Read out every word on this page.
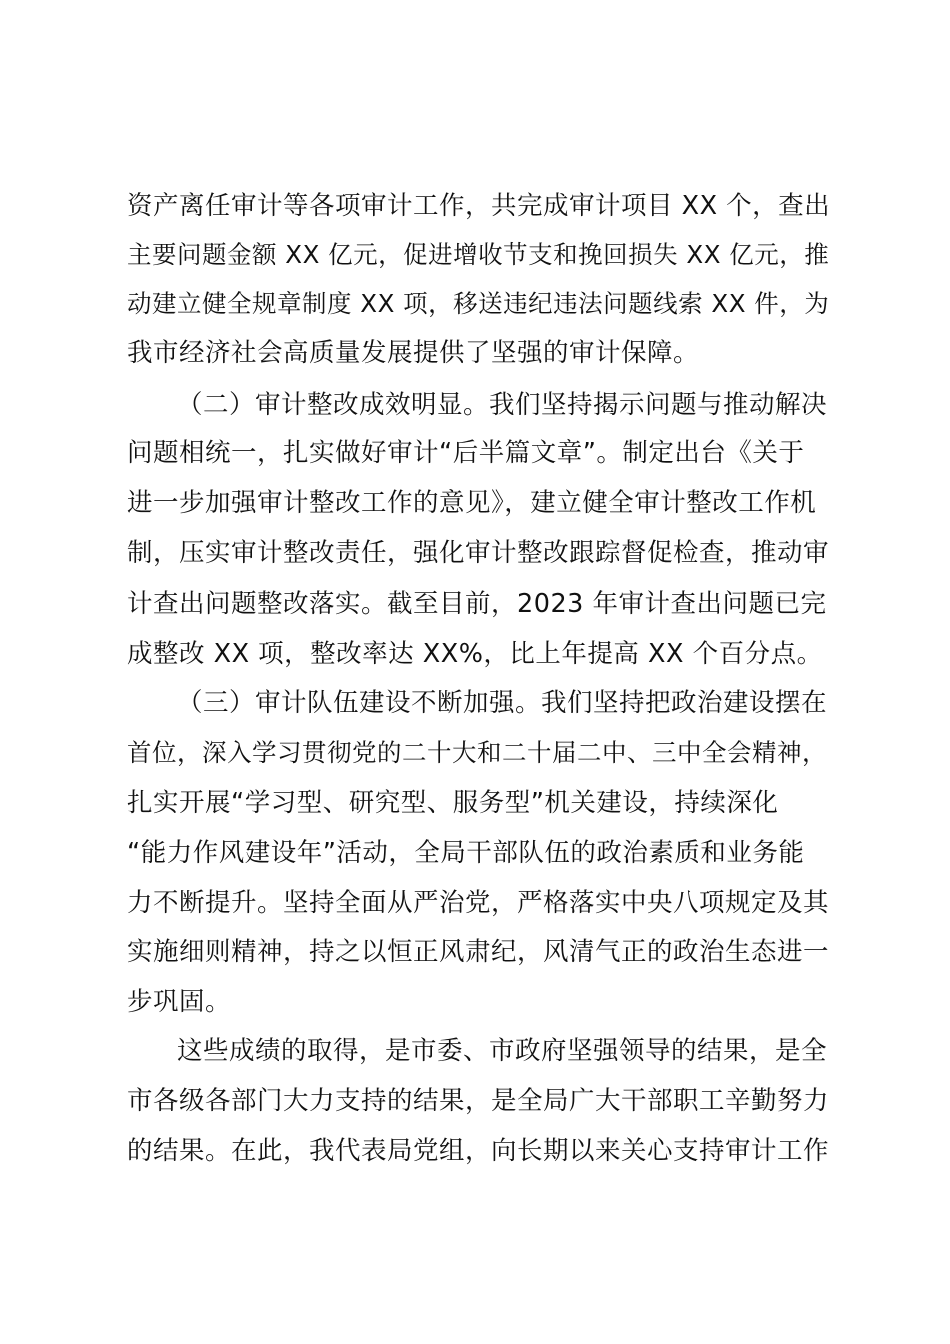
资产离任审计等各项审计工作，共完成审计项目 XX 个，查出
主要问题金额 XX 亿元，促进增收节支和挽回损失 XX 亿元，推
动建立健全规章制度 XX 项，移送违纪违法问题线索 XX 件，为
我市经济社会高质量发展提供了坚强的审计保障。
（二）审计整改成效明显。我们坚持揭示问题与推动解决
问题相统一，扎实做好审计“后半篇文章”。制定出台《关于
进一步加强审计整改工作的意见》，建立健全审计整改工作机
制，压实审计整改责任，强化审计整改跟踪督促检查，推动审
计查出问题整改落实。截至目前，2023 年审计查出问题已完
成整改 XX 项，整改率达 XX%，比上年提高 XX 个百分点。
（三）审计队伍建设不断加强。我们坚持把政治建设摆在
首位，深入学习贯彻党的二十大和二十届二中、三中全会精神，
扎实开展“学习型、研究型、服务型”机关建设，持续深化
“能力作风建设年”活动，全局干部队伍的政治素质和业务能
力不断提升。坚持全面从严治党，严格落实中央八项规定及其
实施细则精神，持之以恒正风肃纪，风清气正的政治生态进一
步巩固。
这些成绩的取得，是市委、市政府坚强领导的结果，是全
市各级各部门大力支持的结果，是全局广大干部职工辛勤努力
的结果。在此，我代表局党组，向长期以来关心支持审计工作
